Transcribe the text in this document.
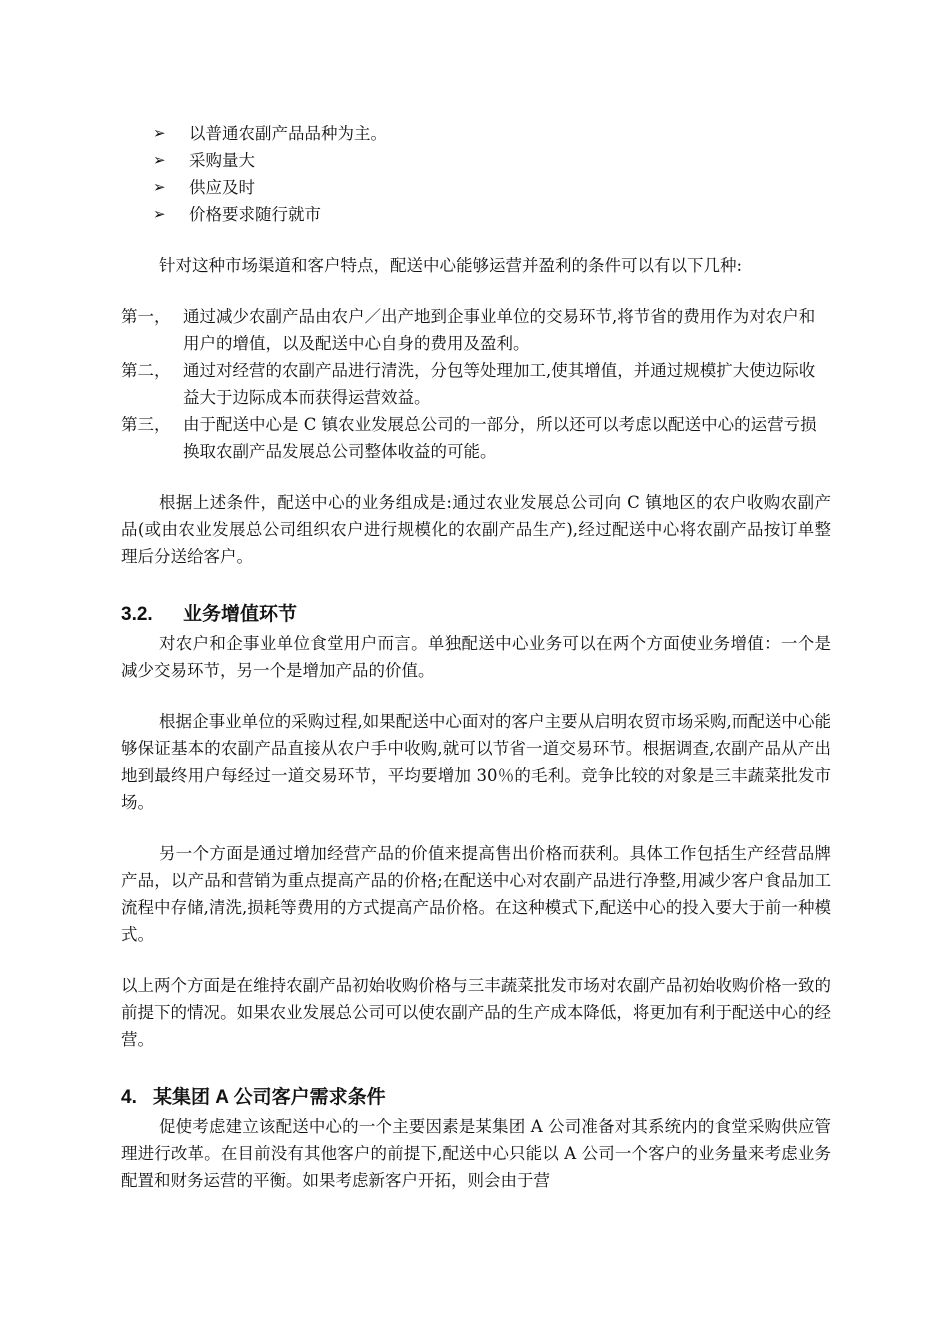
➢ 以普通农副产品品种为主。
➢ 采购量大
➢ 供应及时
➢ 价格要求随行就市

针对这种市场渠道和客户特点，配送中心能够运营并盈利的条件可以有以下几种:

第一， 通过减少农副产品由农户／出产地到企事业单位的交易环节,将节省的费用作为对农户和用户的增值，以及配送中心自身的费用及盈利。
第二， 通过对经营的农副产品进行清洗，分包等处理加工,使其增值，并通过规模扩大使边际收益大于边际成本而获得运营效益。
第三， 由于配送中心是 C 镇农业发展总公司的一部分，所以还可以考虑以配送中心的运营亏损换取农副产品发展总公司整体收益的可能。

根据上述条件，配送中心的业务组成是:通过农业发展总公司向 C 镇地区的农户收购农副产品(或由农业发展总公司组织农户进行规模化的农副产品生产),经过配送中心将农副产品按订单整理后分送给客户。

3.2. 业务增值环节

对农户和企事业单位食堂用户而言。单独配送中心业务可以在两个方面使业务增值：一个是减少交易环节，另一个是增加产品的价值。

根据企事业单位的采购过程,如果配送中心面对的客户主要从启明农贸市场采购,而配送中心能够保证基本的农副产品直接从农户手中收购,就可以节省一道交易环节。根据调查,农副产品从产出地到最终用户每经过一道交易环节，平均要增加 30％的毛利。竞争比较的对象是三丰蔬菜批发市场。

另一个方面是通过增加经营产品的价值来提高售出价格而获利。具体工作包括生产经营品牌产品，以产品和营销为重点提高产品的价格;在配送中心对农副产品进行净整,用减少客户食品加工流程中存储,清洗,损耗等费用的方式提高产品价格。在这种模式下,配送中心的投入要大于前一种模式。

以上两个方面是在维持农副产品初始收购价格与三丰蔬菜批发市场对农副产品初始收购价格一致的前提下的情况。如果农业发展总公司可以使农副产品的生产成本降低，将更加有利于配送中心的经营。

4. 某集团 A 公司客户需求条件

促使考虑建立该配送中心的一个主要因素是某集团 A 公司准备对其系统内的食堂采购供应管理进行改革。在目前没有其他客户的前提下,配送中心只能以 A 公司一个客户的业务量来考虑业务配置和财务运营的平衡。如果考虑新客户开拓，则会由于营
